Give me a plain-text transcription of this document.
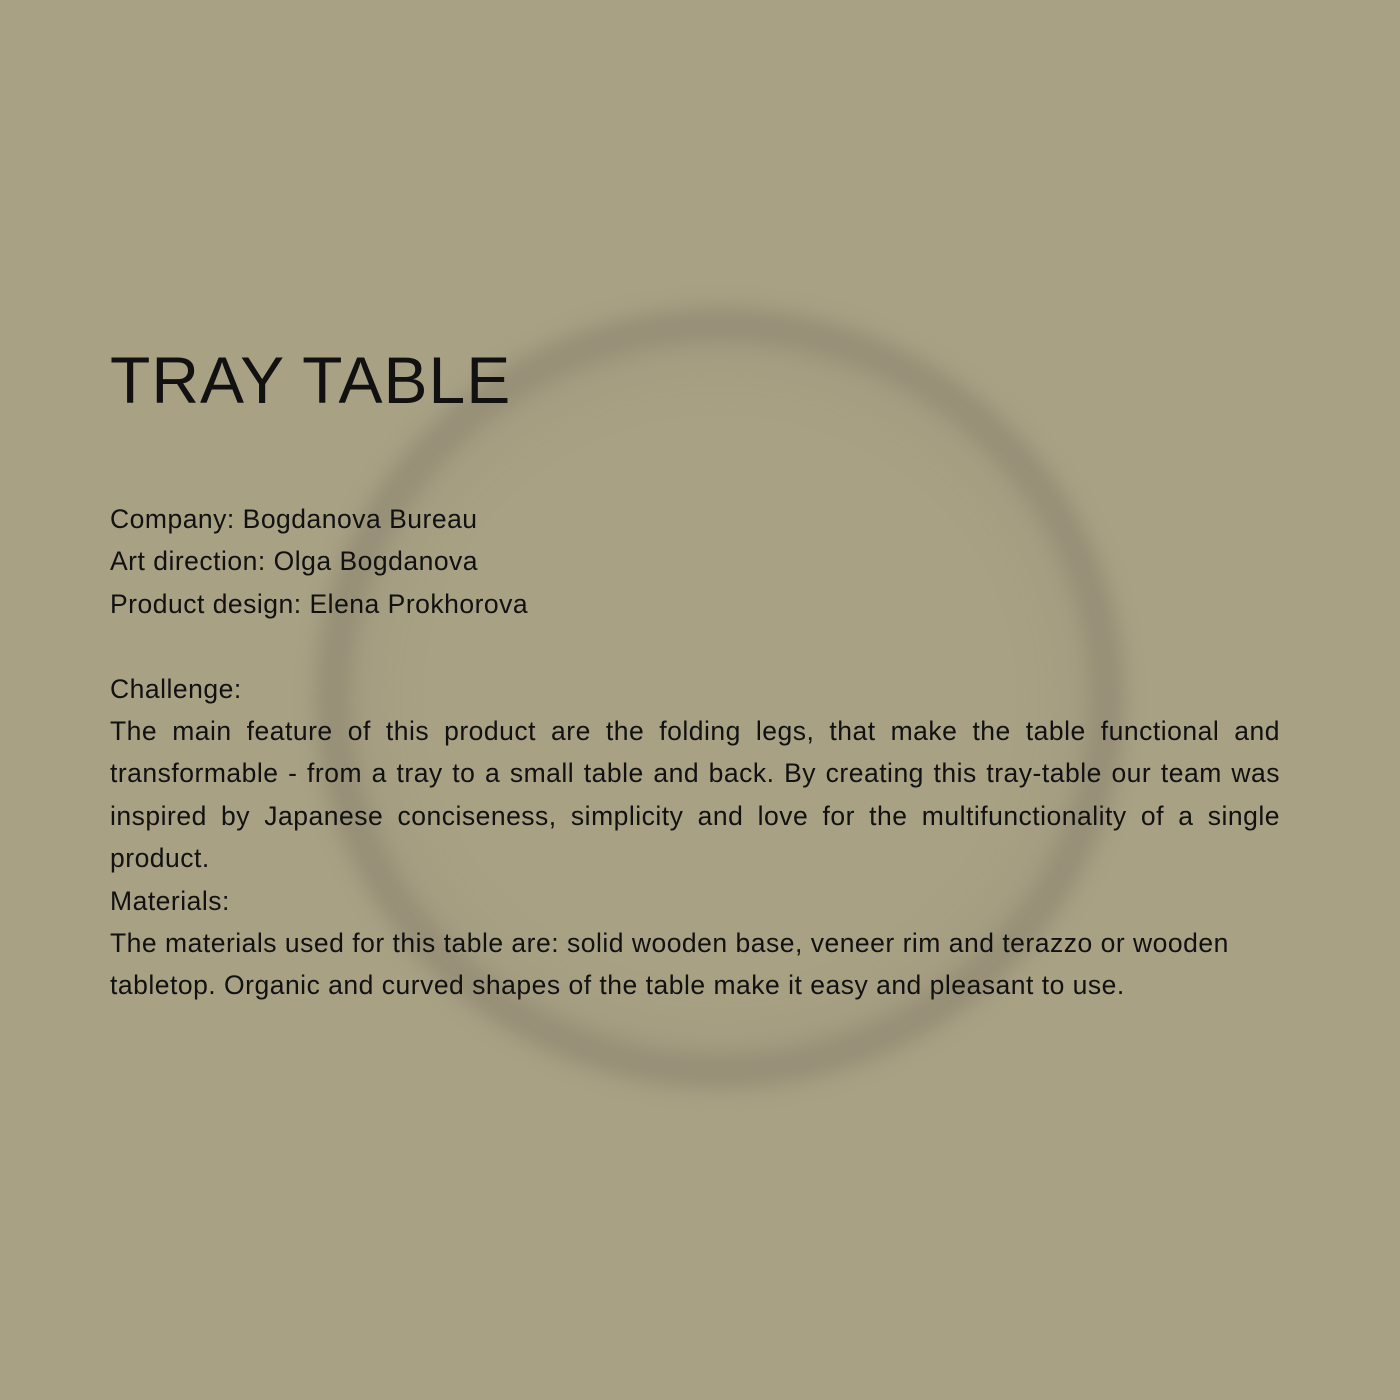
TRAY TABLE

Company: Bogdanova Bureau

Art direction: Olga Bogdanova

Product design: Elena Prokhorova

Challenge:

The main feature of this product are the folding legs, that make the table functional and transformable - from a tray to a small table and back. By creating this tray-table our team was inspired by Japanese conciseness, simplicity and love for the multifunctionality of a single product.

Materials:

The materials used for this table are: solid wooden base, veneer rim and terazzo or wooden tabletop. Organic and curved shapes of the table make it easy and pleasant to use.
